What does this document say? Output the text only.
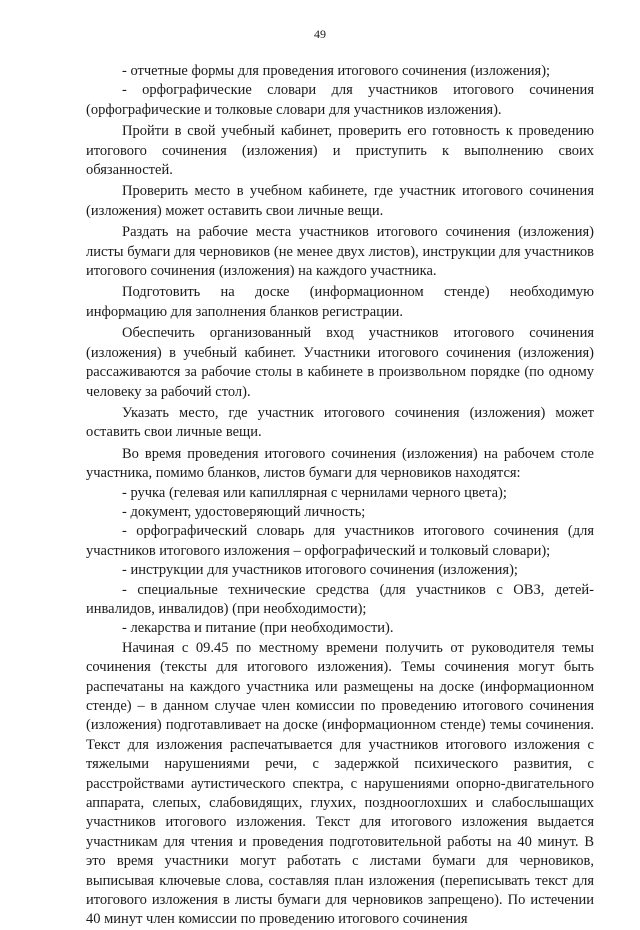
49

- отчетные формы для проведения итогового сочинения (изложения);

- орфографические словари для участников итогового сочинения (орфографические и толковые словари для участников изложения).

Пройти в свой учебный кабинет, проверить его готовность к проведению итогового сочинения (изложения) и приступить к выполнению своих обязанностей.

Проверить место в учебном кабинете, где участник итогового сочинения (изложения) может оставить свои личные вещи.

Раздать на рабочие места участников итогового сочинения (изложения) листы бумаги для черновиков (не менее двух листов), инструкции для участников итогового сочинения (изложения) на каждого участника.

Подготовить на доске (информационном стенде) необходимую информацию для заполнения бланков регистрации.

Обеспечить организованный вход участников итогового сочинения (изложения) в учебный кабинет. Участники итогового сочинения (изложения) рассаживаются за рабочие столы в кабинете в произвольном порядке (по одному человеку за рабочий стол).

Указать место, где участник итогового сочинения (изложения) может оставить свои личные вещи.

Во время проведения итогового сочинения (изложения) на рабочем столе участника, помимо бланков, листов бумаги для черновиков находятся:

- ручка (гелевая или капиллярная с чернилами черного цвета);

- документ, удостоверяющий личность;

- орфографический словарь для участников итогового сочинения (для участников итогового изложения – орфографический и толковый словари);

- инструкции для участников итогового сочинения (изложения);

- специальные технические средства (для участников с ОВЗ, детей-инвалидов, инвалидов) (при необходимости);

- лекарства и питание (при необходимости).

Начиная с 09.45 по местному времени получить от руководителя темы сочинения (тексты для итогового изложения). Темы сочинения могут быть распечатаны на каждого участника или размещены на доске (информационном стенде) – в данном случае член комиссии по проведению итогового сочинения (изложения) подготавливает на доске (информационном стенде) темы сочинения. Текст для изложения распечатывается для участников итогового изложения с тяжелыми нарушениями речи, с задержкой психического развития, с расстройствами аутистического спектра, с нарушениями опорно-двигательного аппарата, слепых, слабовидящих, глухих, позднооглохших и слабослышащих участников итогового изложения. Текст для итогового изложения выдается участникам для чтения и проведения подготовительной работы на 40 минут. В это время участники могут работать с листами бумаги для черновиков, выписывая ключевые слова, составляя план изложения (переписывать текст для итогового изложения в листы бумаги для черновиков запрещено). По истечении 40 минут член комиссии по проведению итогового сочинения
